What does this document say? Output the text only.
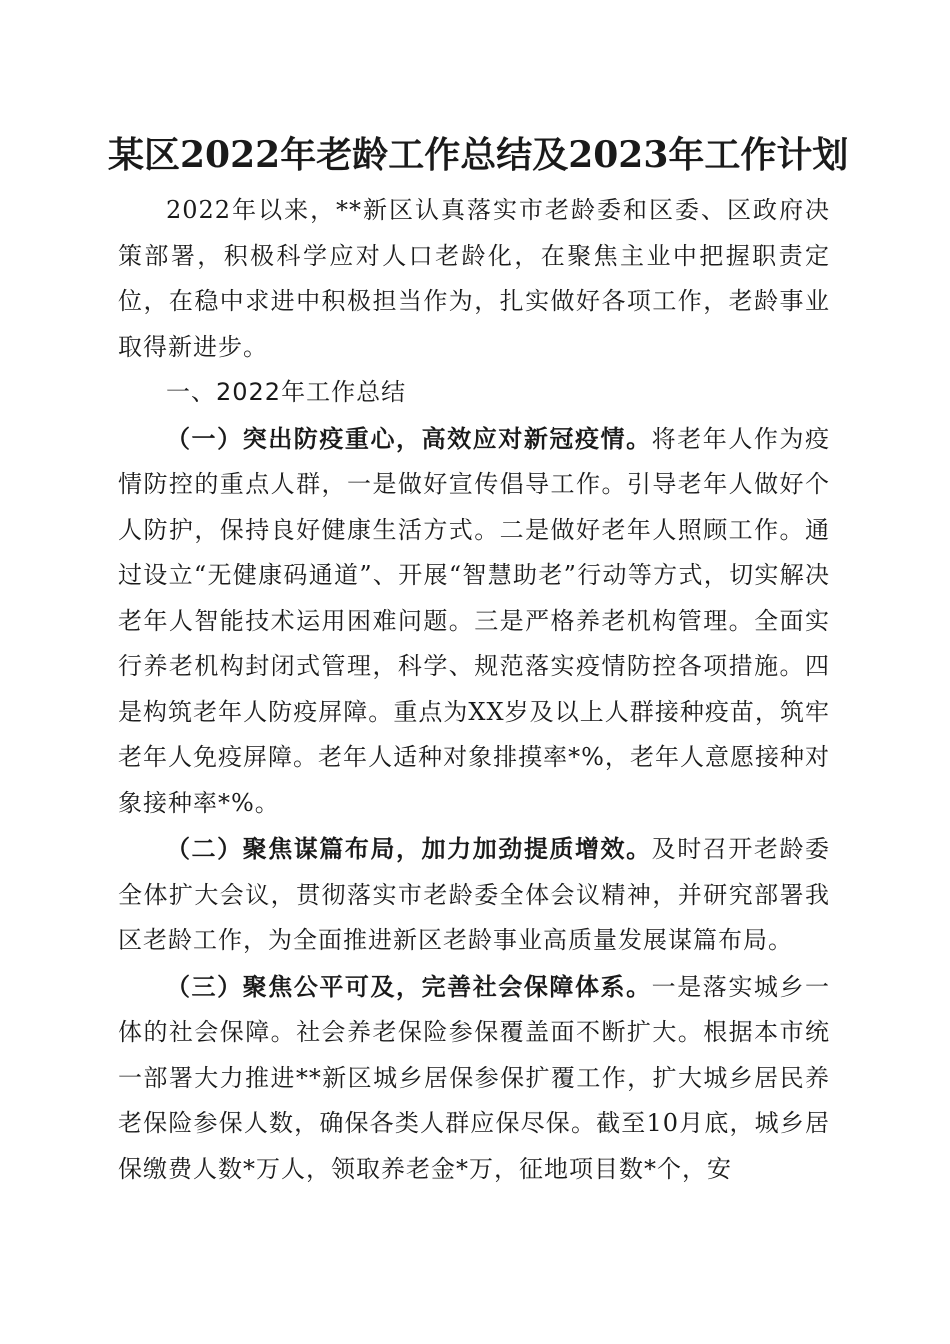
某区2022年老龄工作总结及2023年工作计划

2022年以来，**新区认真落实市老龄委和区委、区政府决策部署，积极科学应对人口老龄化，在聚焦主业中把握职责定位，在稳中求进中积极担当作为，扎实做好各项工作，老龄事业取得新进步。

一、2022年工作总结

（一）突出防疫重心，高效应对新冠疫情。将老年人作为疫情防控的重点人群，一是做好宣传倡导工作。引导老年人做好个人防护，保持良好健康生活方式。二是做好老年人照顾工作。通过设立“无健康码通道”、开展“智慧助老”行动等方式，切实解决老年人智能技术运用困难问题。三是严格养老机构管理。全面实行养老机构封闭式管理，科学、规范落实疫情防控各项措施。四是构筑老年人防疫屏障。重点为XX岁及以上人群接种疫苗，筑牢老年人免疫屏障。老年人适种对象排摸率*%，老年人意愿接种对象接种率*%。

（二）聚焦谋篇布局，加力加劲提质增效。及时召开老龄委全体扩大会议，贯彻落实市老龄委全体会议精神，并研究部署我区老龄工作，为全面推进新区老龄事业高质量发展谋篇布局。

（三）聚焦公平可及，完善社会保障体系。一是落实城乡一体的社会保障。社会养老保险参保覆盖面不断扩大。根据本市统一部署大力推进**新区城乡居保参保扩覆工作，扩大城乡居民养老保险参保人数，确保各类人群应保尽保。截至10月底，城乡居保缴费人数*万人，领取养老金*万，征地项目数*个，安
